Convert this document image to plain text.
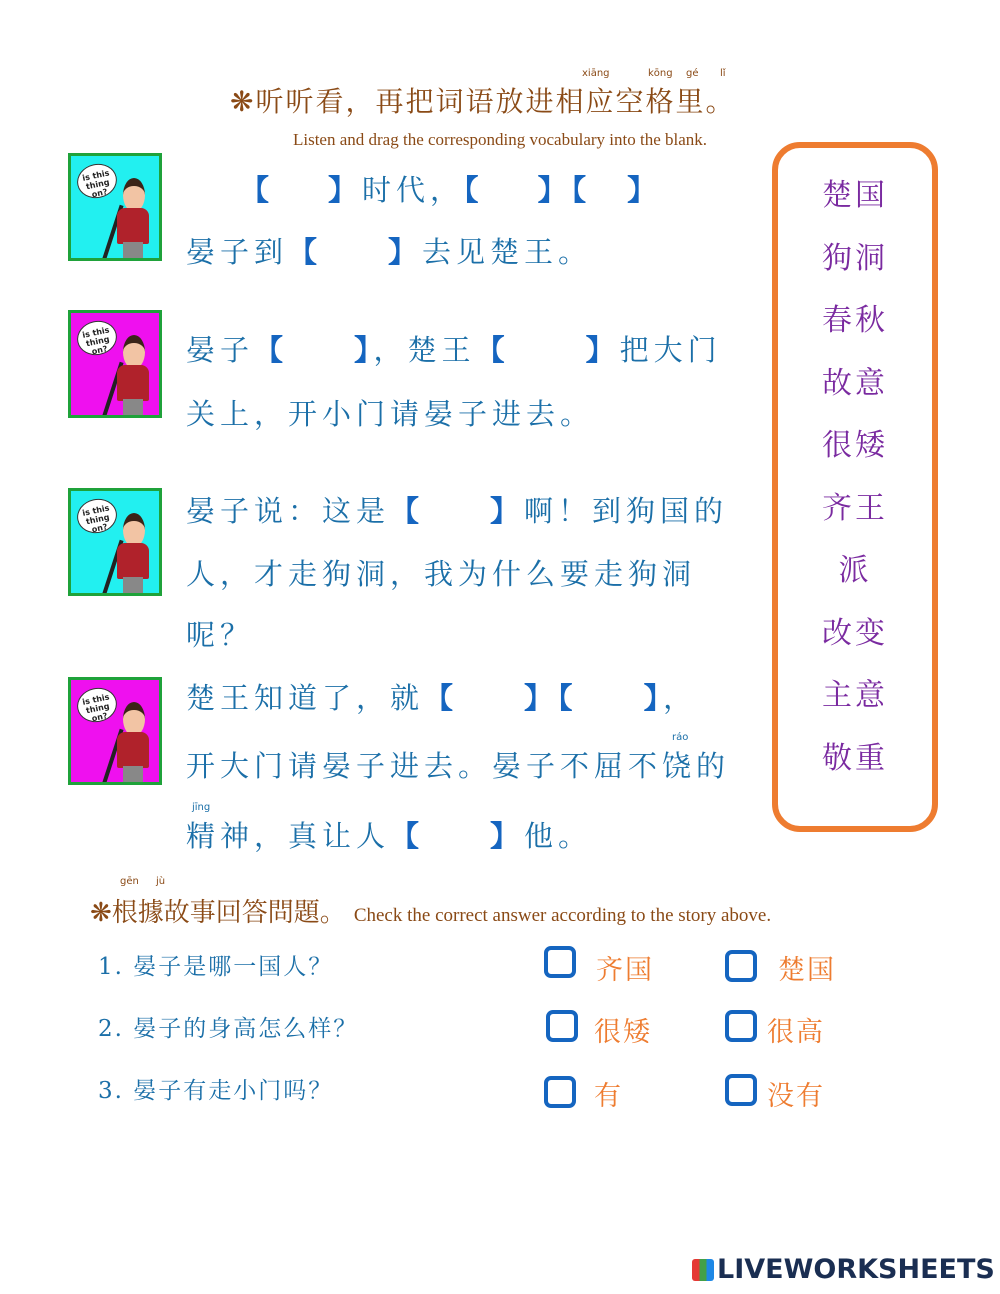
xiāng	kōng gé lǐ
❋听听看，再把词语放进相应空格里。
Listen and drag the corresponding vocabulary into the blank.
is this thing on?
is this thing on?
is this thing on?
is this thing on?
【 】时代，【 】【 】
晏子到【 】去见楚王。
晏子【 】，楚王【	】把大门
关上，开小门请晏子进去。
晏子说：这是【 】啊！到狗国的
人，才走狗洞，我为什么要走狗洞
呢？
楚王知道了，就【 】【 】，
ráo
开大门请晏子进去。晏子不屈不饶的
jīng
精神，真让人【 】他。
楚国
狗洞
春秋
故意
很矮
齐王
派
改变
主意
敬重
gēn jù
❋根據故事回答問題。 Check the correct answer according to the story above.
1. 晏子是哪一国人？	齐国	楚国
2. 晏子的身高怎么样？	很矮	很高
3. 晏子有走小门吗？	有	没有
LIVEWORKSHEETS
